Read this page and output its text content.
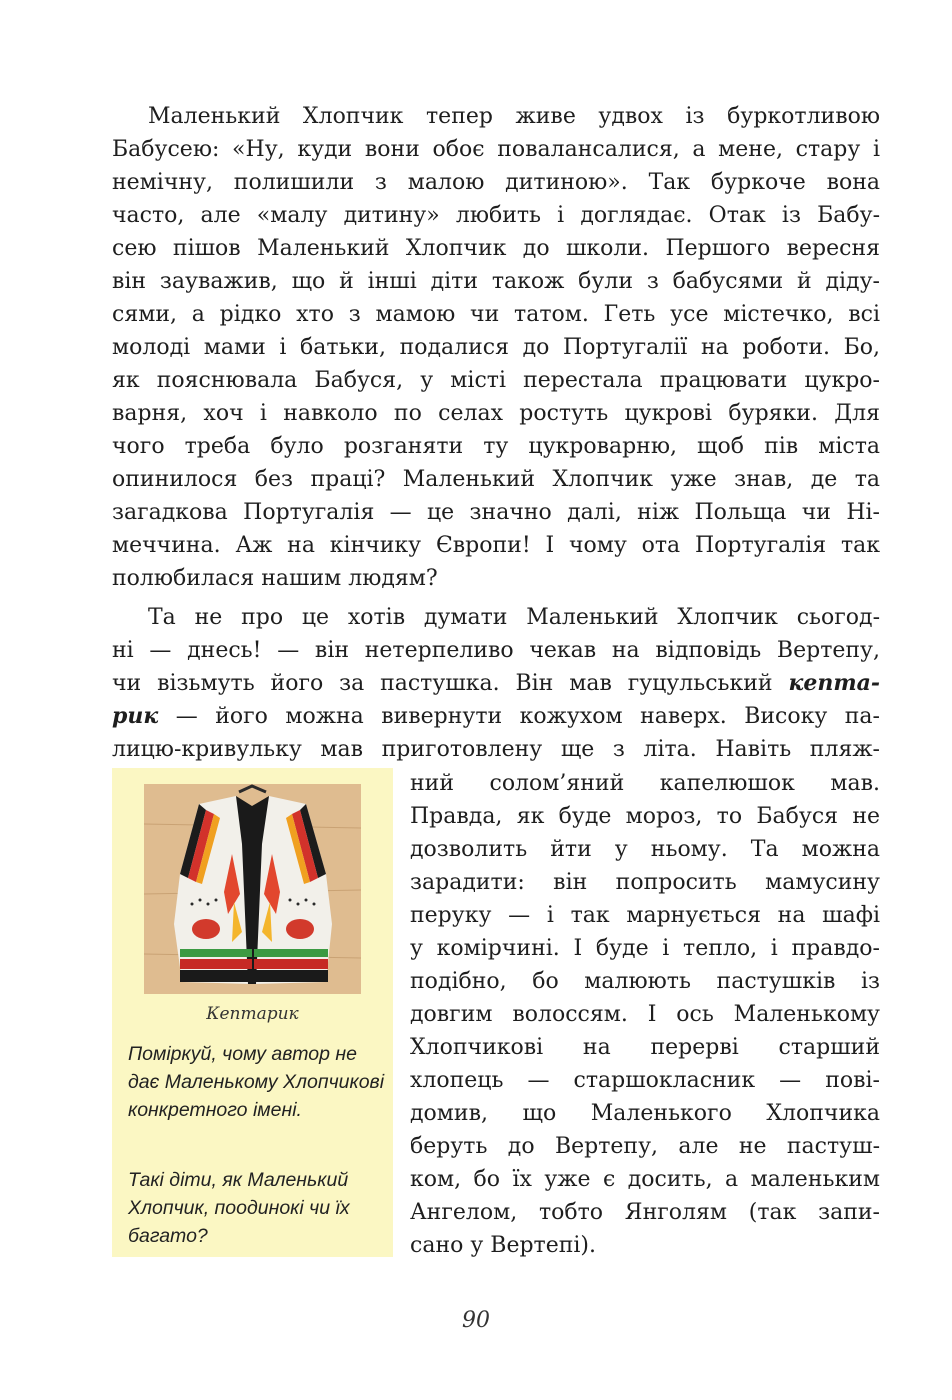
Маленький Хлопчик тепер живе удвох із буркотливою
Бабусею: «Ну, куди вони обоє повалансалися, а мене, стару і
немічну, полишили з малою дитиною». Так буркоче вона
часто, але «малу дитину» любить і доглядає. Отак із Бабу-
сею пішов Маленький Хлопчик до школи. Першого вересня
він зауважив, що й інші діти також були з бабусями й діду-
сями, а рідко хто з мамою чи татом. Геть усе містечко, всі
молоді мами і батьки, подалися до Португалії на роботи. Бо,
як пояснювала Бабуся, у місті перестала працювати цукро-
варня, хоч і навколо по селах ростуть цукрові буряки. Для
чого треба було розганяти ту цукроварню, щоб пів міста
опинилося без праці? Маленький Хлопчик уже знав, де та
загадкова Португалія — це значно далі, ніж Польща чи Ні-
меччина. Аж на кінчику Європи! І чому ота Португалія так
полюбилася нашим людям?
Та не про це хотів думати Маленький Хлопчик сьогод-
ні — днесь! — він нетерпеливо чекав на відповідь Вертепу,
чи візьмуть його за пастушка. Він мав гуцульський кепта-
рик — його можна вивернути кожухом наверх. Високу па-
лицю-кривульку мав приготовлену ще з літа. Навіть пляж-
Кептарик
Поміркуй, чому автор не дає Маленькому Хлопчикові конкретного імені.
Такі діти, як Маленький Хлопчик, поодинокі чи їх багато?
ний солом’яний капелюшок мав.
Правда, як буде мороз, то Бабуся не
дозволить йти у ньому. Та можна
зарадити: він попросить мамусину
перуку — і так марнується на шафі
у комірчині. І буде і тепло, і правдо-
подібно, бо малюють пастушків із
довгим волоссям. І ось Маленькому
Хлопчикові на перерві старший
хлопець — старшокласник — пові-
домив, що Маленького Хлопчика
беруть до Вертепу, але не пастуш-
ком, бо їх уже є досить, а маленьким
Ангелом, тобто Янголям (так запи-
сано у Вертепі).
90
